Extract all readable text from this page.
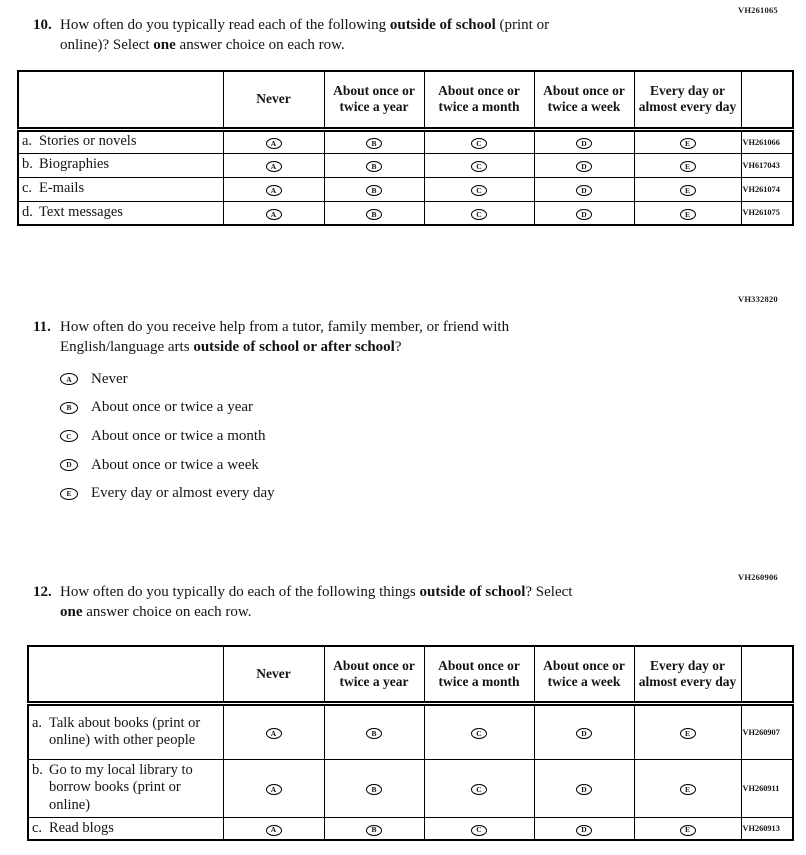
VH261065
VH332820
VH260906
10. How often do you typically read each of the following outside of school (print or
online)? Select one answer choice on each row.
	Never	About once or twice a year	About once or twice a month	About once or twice a week	Every day or almost every day	

a. Stories or novels	A	B	C	D	E	VH261066

b. Biographies	A	B	C	D	E	VH617043

c. E-mails	A	B	C	D	E	VH261074

d. Text messages	A	B	C	D	E	VH261075
11. How often do you receive help from a tutor, family member, or friend with
English/language arts outside of school or after school?
A Never
B About once or twice a year
C About once or twice a month
D About once or twice a week
E Every day or almost every day
12. How often do you typically do each of the following things outside of school? Select
one answer choice on each row.
	Never	About once or twice a year	About once or twice a month	About once or twice a week	Every day or almost every day	

a. Talk about books (print or online) with other people	A	B	C	D	E	VH260907

b. Go to my local library to borrow books (print or online)	A	B	C	D	E	VH260911

c. Read blogs	A	B	C	D	E	VH260913
